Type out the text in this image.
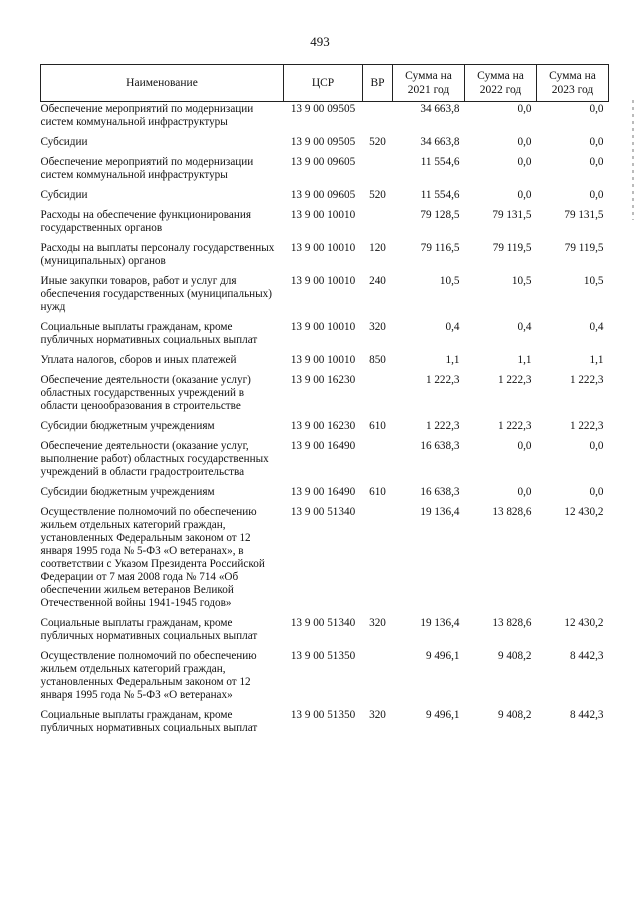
493
Наименование	ЦСР	ВР	Сумма на 2021 год	Сумма на 2022 год	Сумма на 2023 год
Обеспечение мероприятий по модернизации систем коммунальной инфраструктуры	13 9 00 09505		34 663,8	0,0	0,0
Субсидии	13 9 00 09505	520	34 663,8	0,0	0,0
Обеспечение мероприятий по модернизации систем коммунальной инфраструктуры	13 9 00 09605		11 554,6	0,0	0,0
Субсидии	13 9 00 09605	520	11 554,6	0,0	0,0
Расходы на обеспечение функционирования государственных органов	13 9 00 10010		79 128,5	79 131,5	79 131,5
Расходы на выплаты персоналу государственных (муниципальных) органов	13 9 00 10010	120	79 116,5	79 119,5	79 119,5
Иные закупки товаров, работ и услуг для обеспечения государственных (муниципальных) нужд	13 9 00 10010	240	10,5	10,5	10,5
Социальные выплаты гражданам, кроме публичных нормативных социальных выплат	13 9 00 10010	320	0,4	0,4	0,4
Уплата налогов, сборов и иных платежей	13 9 00 10010	850	1,1	1,1	1,1
Обеспечение деятельности (оказание услуг) областных государственных учреждений в области ценообразования в строительстве	13 9 00 16230		1 222,3	1 222,3	1 222,3
Субсидии бюджетным учреждениям	13 9 00 16230	610	1 222,3	1 222,3	1 222,3
Обеспечение деятельности (оказание услуг, выполнение работ) областных государственных учреждений в области градостроительства	13 9 00 16490		16 638,3	0,0	0,0
Субсидии бюджетным учреждениям	13 9 00 16490	610	16 638,3	0,0	0,0
Осуществление полномочий по обеспечению жильем отдельных категорий граждан, установленных Федеральным законом от 12 января 1995 года № 5-ФЗ «О ветеранах», в соответствии с Указом Президента Российской Федерации от 7 мая 2008 года № 714 «Об обеспечении жильем ветеранов Великой Отечественной войны 1941-1945 годов»	13 9 00 51340		19 136,4	13 828,6	12 430,2
Социальные выплаты гражданам, кроме публичных нормативных социальных выплат	13 9 00 51340	320	19 136,4	13 828,6	12 430,2
Осуществление полномочий по обеспечению жильем отдельных категорий граждан, установленных Федеральным законом от 12 января 1995 года № 5-ФЗ «О ветеранах»	13 9 00 51350		9 496,1	9 408,2	8 442,3
Социальные выплаты гражданам, кроме публичных нормативных социальных выплат	13 9 00 51350	320	9 496,1	9 408,2	8 442,3
